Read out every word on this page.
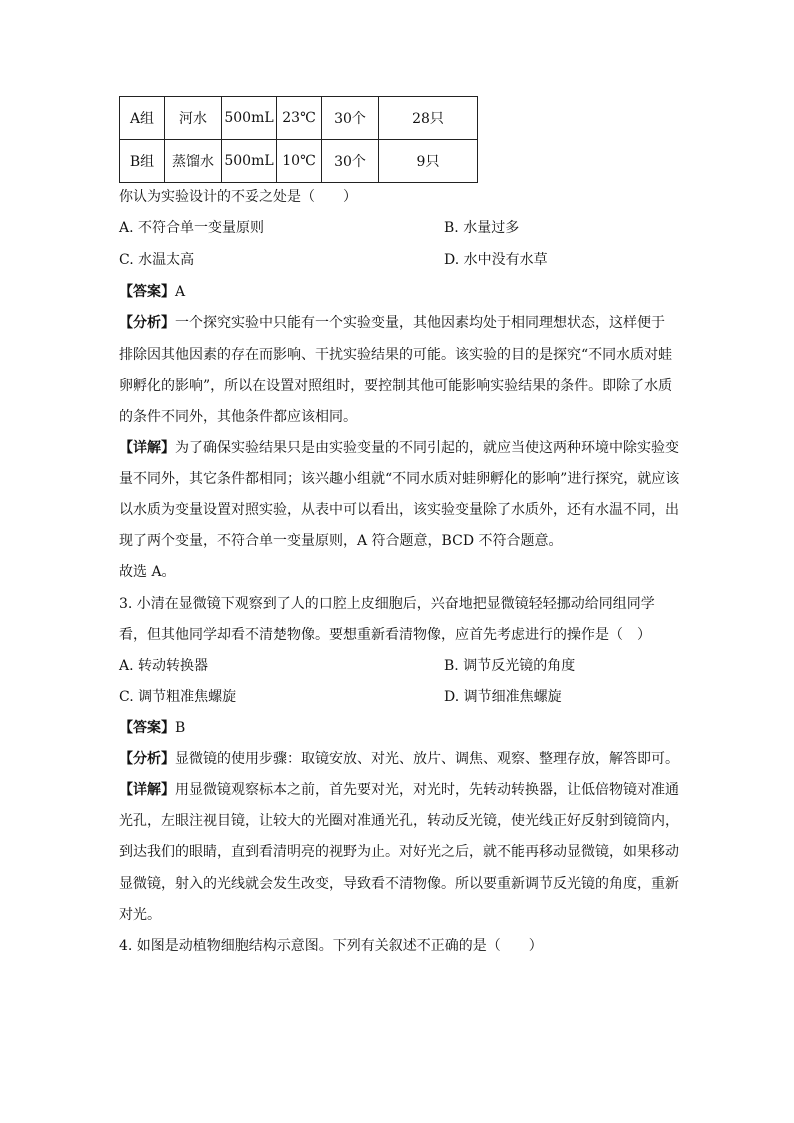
A组	河水	500mL	23℃	30个	28只
B组	蒸馏水	500mL	10℃	30个	9只
你认为实验设计的不妥之处是（　　）
A. 不符合单一变量原则	B. 水量过多
C. 水温太高	D. 水中没有水草
【答案】A
【分析】一个探究实验中只能有一个实验变量，其他因素均处于相同理想状态，这样便于
排除因其他因素的存在而影响、干扰实验结果的可能。该实验的目的是探究“不同水质对蛙
卵孵化的影响”，所以在设置对照组时，要控制其他可能影响实验结果的条件。即除了水质
的条件不同外，其他条件都应该相同。
【详解】为了确保实验结果只是由实验变量的不同引起的，就应当使这两种环境中除实验变
量不同外，其它条件都相同；该兴趣小组就“不同水质对蛙卵孵化的影响”进行探究，就应该
以水质为变量设置对照实验，从表中可以看出，该实验变量除了水质外，还有水温不同，出
现了两个变量，不符合单一变量原则，A 符合题意，BCD 不符合题意。
故选 A。
3. 小清在显微镜下观察到了人的口腔上皮细胞后，兴奋地把显微镜轻轻挪动给同组同学
看，但其他同学却看不清楚物像。要想重新看清物像，应首先考虑进行的操作是（　）
A. 转动转换器	B. 调节反光镜的角度
C. 调节粗准焦螺旋	D. 调节细准焦螺旋
【答案】B
【分析】显微镜的使用步骤：取镜安放、对光、放片、调焦、观察、整理存放，解答即可。
【详解】用显微镜观察标本之前，首先要对光，对光时，先转动转换器，让低倍物镜对准通
光孔，左眼注视目镜，让较大的光圈对准通光孔，转动反光镜，使光线正好反射到镜筒内，
到达我们的眼睛，直到看清明亮的视野为止。对好光之后，就不能再移动显微镜，如果移动
显微镜，射入的光线就会发生改变，导致看不清物像。所以要重新调节反光镜的角度，重新
对光。
4. 如图是动植物细胞结构示意图。下列有关叙述不正确的是（　　）
